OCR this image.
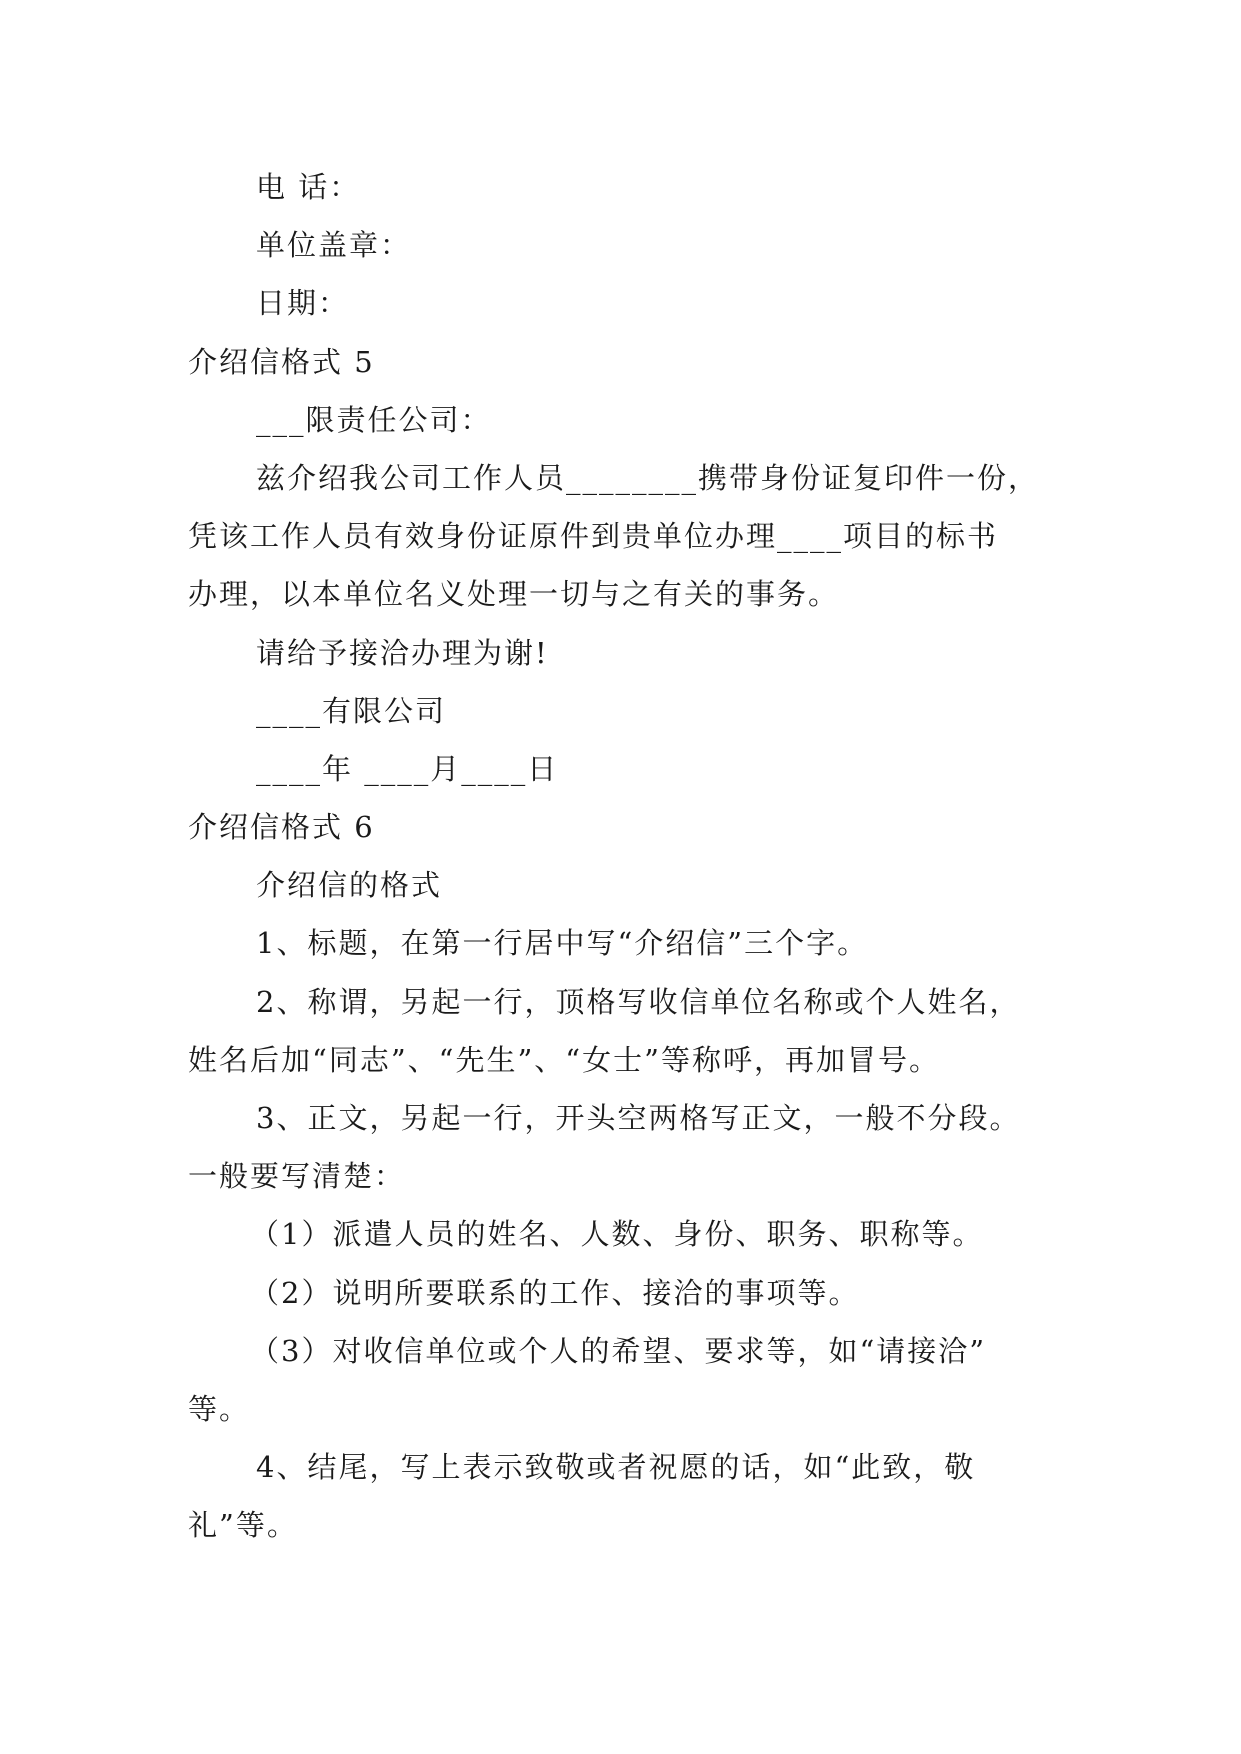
电 话：
单位盖章：
日期：
介绍信格式 5
___限责任公司：
兹介绍我公司工作人员________携带身份证复印件一份，
凭该工作人员有效身份证原件到贵单位办理____项目的标书
办理，以本单位名义处理一切与之有关的事务。
请给予接洽办理为谢!
____有限公司
____年 ____月____日
介绍信格式 6
介绍信的格式
1、标题，在第一行居中写“介绍信”三个字。
2、称谓，另起一行，顶格写收信单位名称或个人姓名，
姓名后加“同志”、“先生”、“女士”等称呼，再加冒号。
3、正文，另起一行，开头空两格写正文，一般不分段。
一般要写清楚：
（1）派遣人员的姓名、人数、身份、职务、职称等。
（2）说明所要联系的工作、接洽的事项等。
（3）对收信单位或个人的希望、要求等，如“请接洽”
等。
4、结尾，写上表示致敬或者祝愿的话，如“此致，敬
礼”等。
